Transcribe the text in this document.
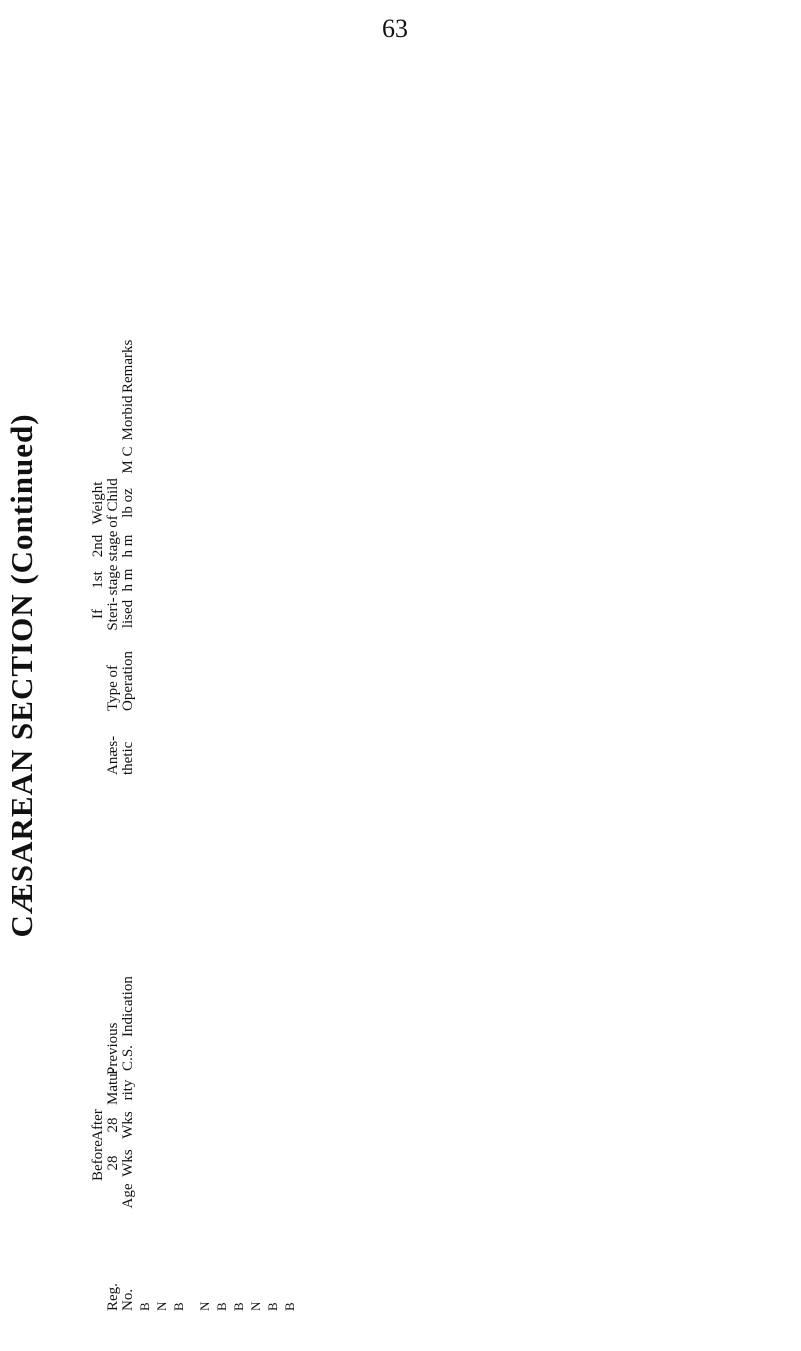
63
CÆSAREAN SECTION (Continued)
Reg. No.
Age
Before 28 Wks
After 28 Wks
Matu-rity
Previous C.S.
Indication
Anæs-thetic
Type of Operation
If Steri-lised
1st stage h m
2nd stage h m
Weight of Child lb oz
M C
Morbid
Remarks
B N B N B B N B B
